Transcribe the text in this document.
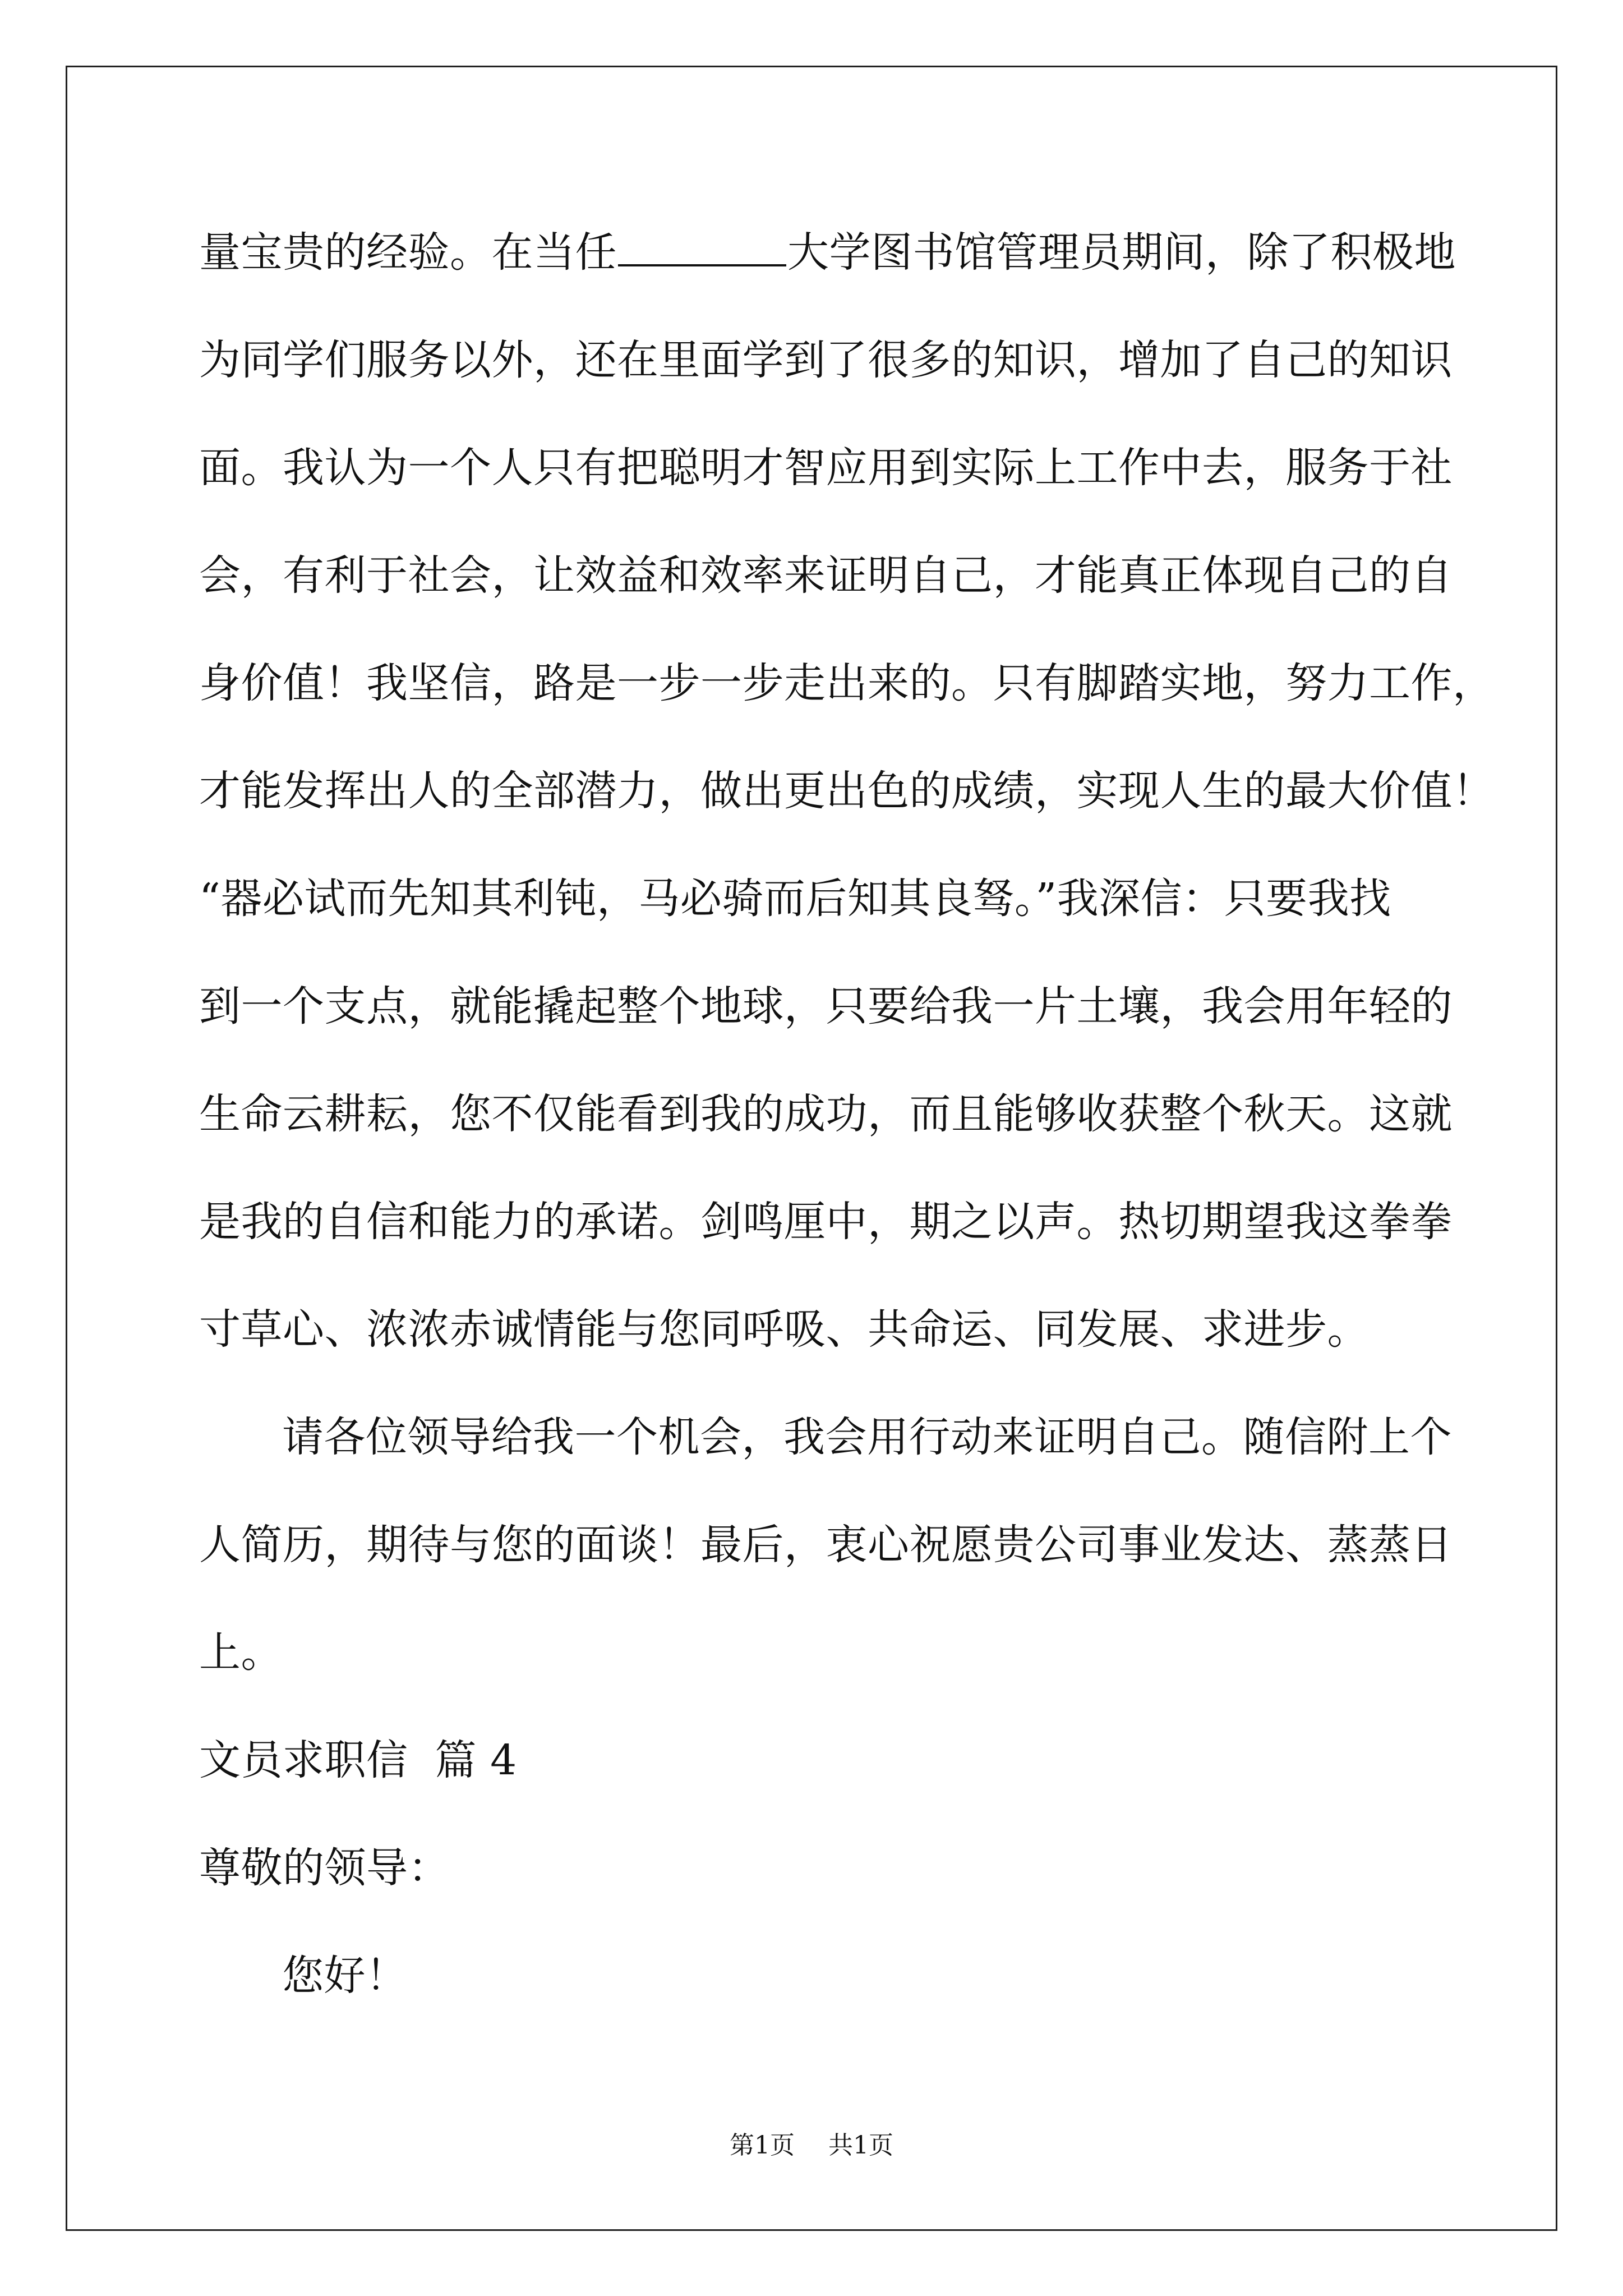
量宝贵的经验。在当任	大学图书馆管理员期间，除了积极地
为同学们服务以外，还在里面学到了很多的知识，增加了自己的知识
面。我认为一个人只有把聪明才智应用到实际上工作中去，服务于社
会，有利于社会，让效益和效率来证明自己，才能真正体现自己的自
身价值！我坚信，路是一步一步走出来的。只有脚踏实地，努力工作，
才能发挥出人的全部潜力，做出更出色的成绩，实现人生的最大价值！
“器必试而先知其利钝，马必骑而后知其良驽。”我深信：只要我找
到一个支点，就能撬起整个地球，只要给我一片土壤，我会用年轻的
生命云耕耘，您不仅能看到我的成功，而且能够收获整个秋天。这就
是我的自信和能力的承诺。剑鸣厘中，期之以声。热切期望我这拳拳
寸草心、浓浓赤诚情能与您同呼吸、共命运、同发展、求进步。
请各位领导给我一个机会，我会用行动来证明自己。随信附上个
人简历，期待与您的面谈！最后，衷心祝愿贵公司事业发达、蒸蒸日
上。
文员求职信  篇 4
尊敬的领导：
您好！
第1页 共1页
